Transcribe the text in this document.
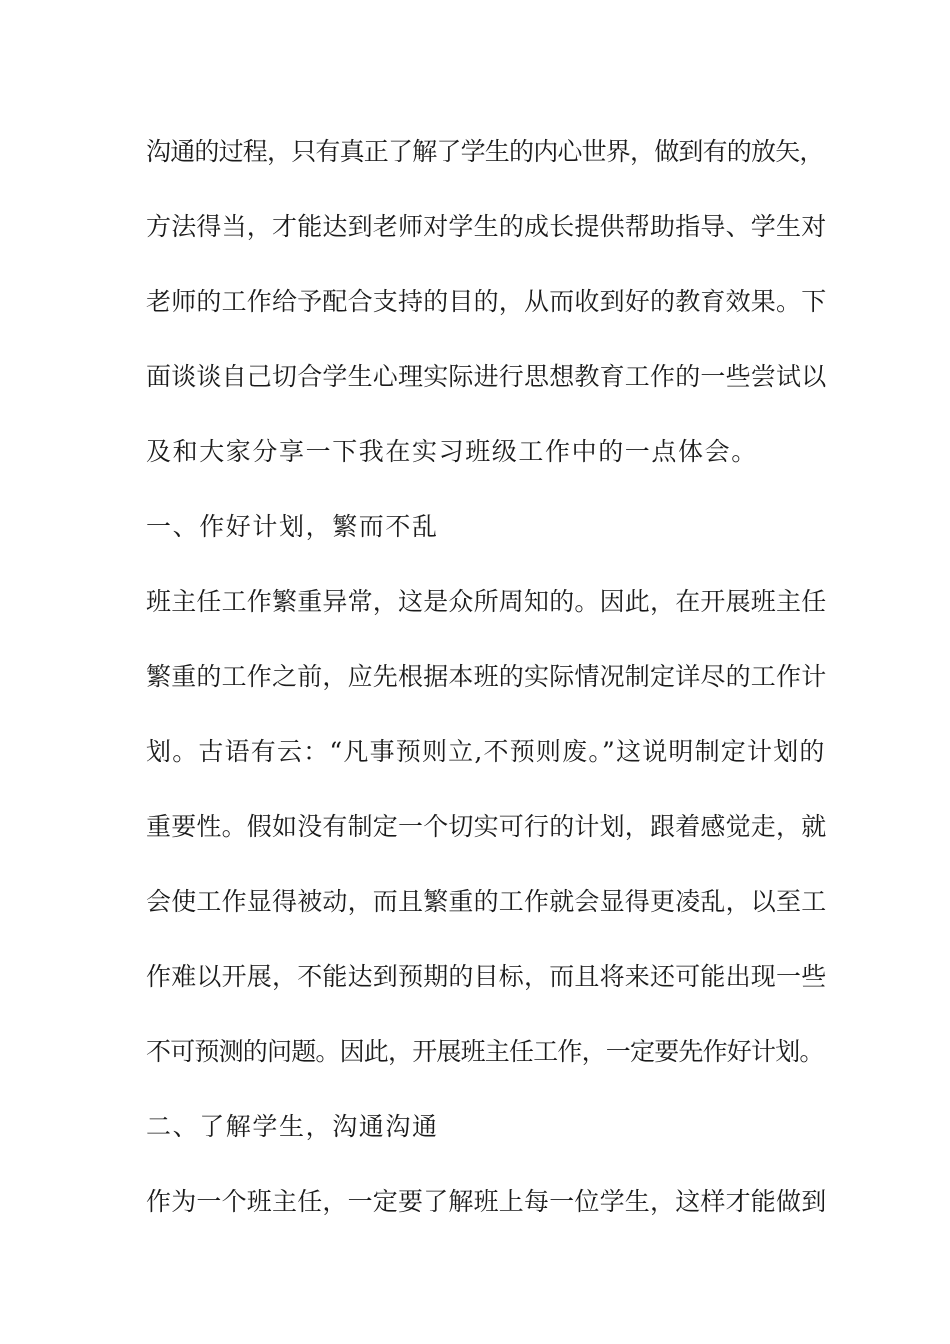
沟通的过程，只有真正了解了学生的内心世界，做到有的放矢，
方法得当，才能达到老师对学生的成长提供帮助指导、学生对
老师的工作给予配合支持的目的，从而收到好的教育效果。下
面谈谈自己切合学生心理实际进行思想教育工作的一些尝试以
及和大家分享一下我在实习班级工作中的一点体会。
一、作好计划，繁而不乱
班主任工作繁重异常，这是众所周知的。因此，在开展班主任
繁重的工作之前，应先根据本班的实际情况制定详尽的工作计
划。古语有云：“凡事预则立,不预则废。”这说明制定计划的
重要性。假如没有制定一个切实可行的计划，跟着感觉走，就
会使工作显得被动，而且繁重的工作就会显得更凌乱，以至工
作难以开展，不能达到预期的目标，而且将来还可能出现一些
不可预测的问题。因此，开展班主任工作，一定要先作好计划。
二、了解学生，沟通沟通
作为一个班主任，一定要了解班上每一位学生，这样才能做到
